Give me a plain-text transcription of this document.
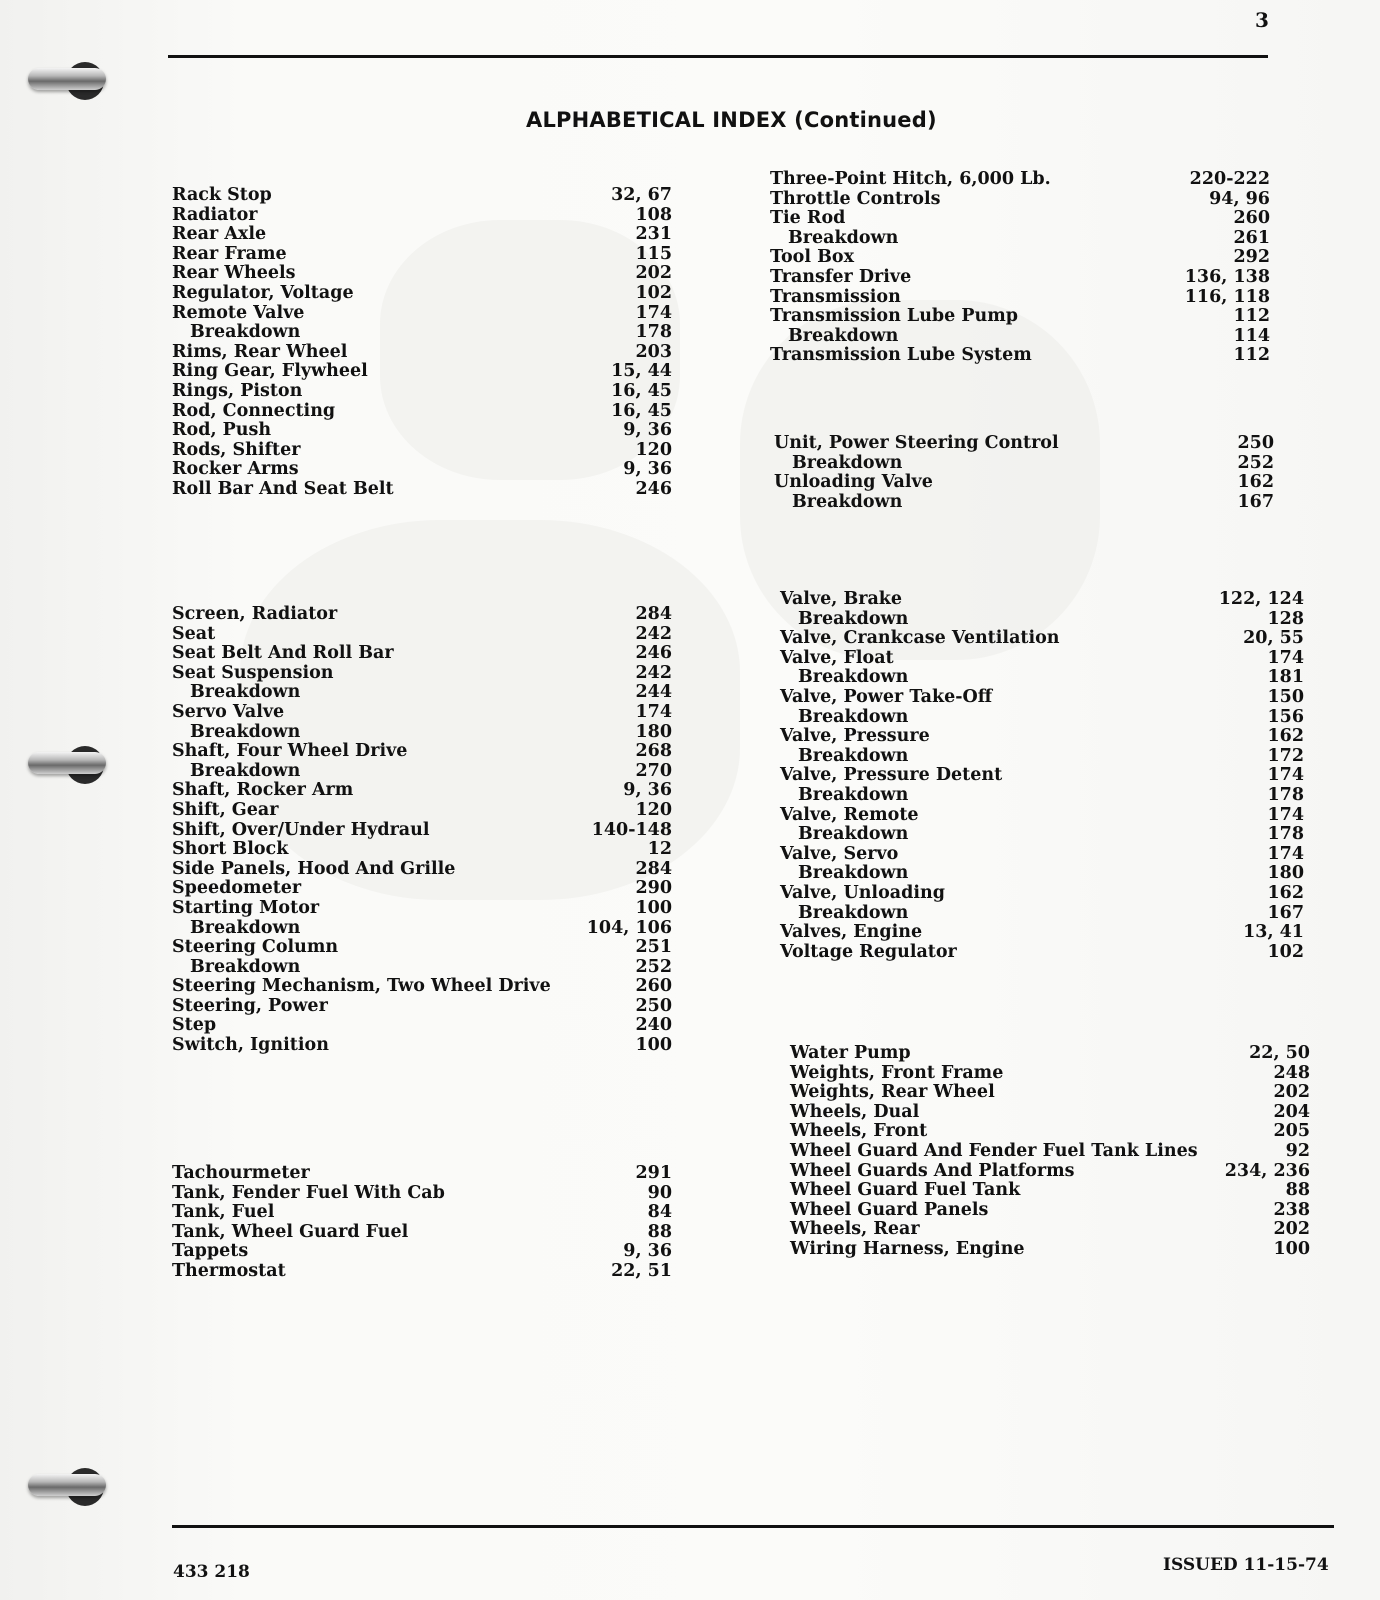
3
ALPHABETICAL INDEX (Continued)
Rack Stop	32, 67
Radiator	108
Rear Axle	231
Rear Frame	115
Rear Wheels	202
Regulator, Voltage	102
Remote Valve	174
Breakdown	178
Rims, Rear Wheel	203
Ring Gear, Flywheel	15, 44
Rings, Piston	16, 45
Rod, Connecting	16, 45
Rod, Push	9, 36
Rods, Shifter	120
Rocker Arms	9, 36
Roll Bar And Seat Belt	246
Screen, Radiator	284
Seat	242
Seat Belt And Roll Bar	246
Seat Suspension	242
Breakdown	244
Servo Valve	174
Breakdown	180
Shaft, Four Wheel Drive	268
Breakdown	270
Shaft, Rocker Arm	9, 36
Shift, Gear	120
Shift, Over/Under Hydraul	140-148
Short Block	12
Side Panels, Hood And Grille	284
Speedometer	290
Starting Motor	100
Breakdown	104, 106
Steering Column	251
Breakdown	252
Steering Mechanism, Two Wheel Drive	260
Steering, Power	250
Step	240
Switch, Ignition	100
Tachourmeter	291
Tank, Fender Fuel With Cab	90
Tank, Fuel	84
Tank, Wheel Guard Fuel	88
Tappets	9, 36
Thermostat	22, 51
Three-Point Hitch, 6,000 Lb.	220-222
Throttle Controls	94, 96
Tie Rod	260
Breakdown	261
Tool Box	292
Transfer Drive	136, 138
Transmission	116, 118
Transmission Lube Pump	112
Breakdown	114
Transmission Lube System	112
Unit, Power Steering Control	250
Breakdown	252
Unloading Valve	162
Breakdown	167
Valve, Brake	122, 124
Breakdown	128
Valve, Crankcase Ventilation	20, 55
Valve, Float	174
Breakdown	181
Valve, Power Take-Off	150
Breakdown	156
Valve, Pressure	162
Breakdown	172
Valve, Pressure Detent	174
Breakdown	178
Valve, Remote	174
Breakdown	178
Valve, Servo	174
Breakdown	180
Valve, Unloading	162
Breakdown	167
Valves, Engine	13, 41
Voltage Regulator	102
Water Pump	22, 50
Weights, Front Frame	248
Weights, Rear Wheel	202
Wheels, Dual	204
Wheels, Front	205
Wheel Guard And Fender Fuel Tank Lines	92
Wheel Guards And Platforms	234, 236
Wheel Guard Fuel Tank	88
Wheel Guard Panels	238
Wheels, Rear	202
Wiring Harness, Engine	100
433 218	ISSUED 11-15-74
